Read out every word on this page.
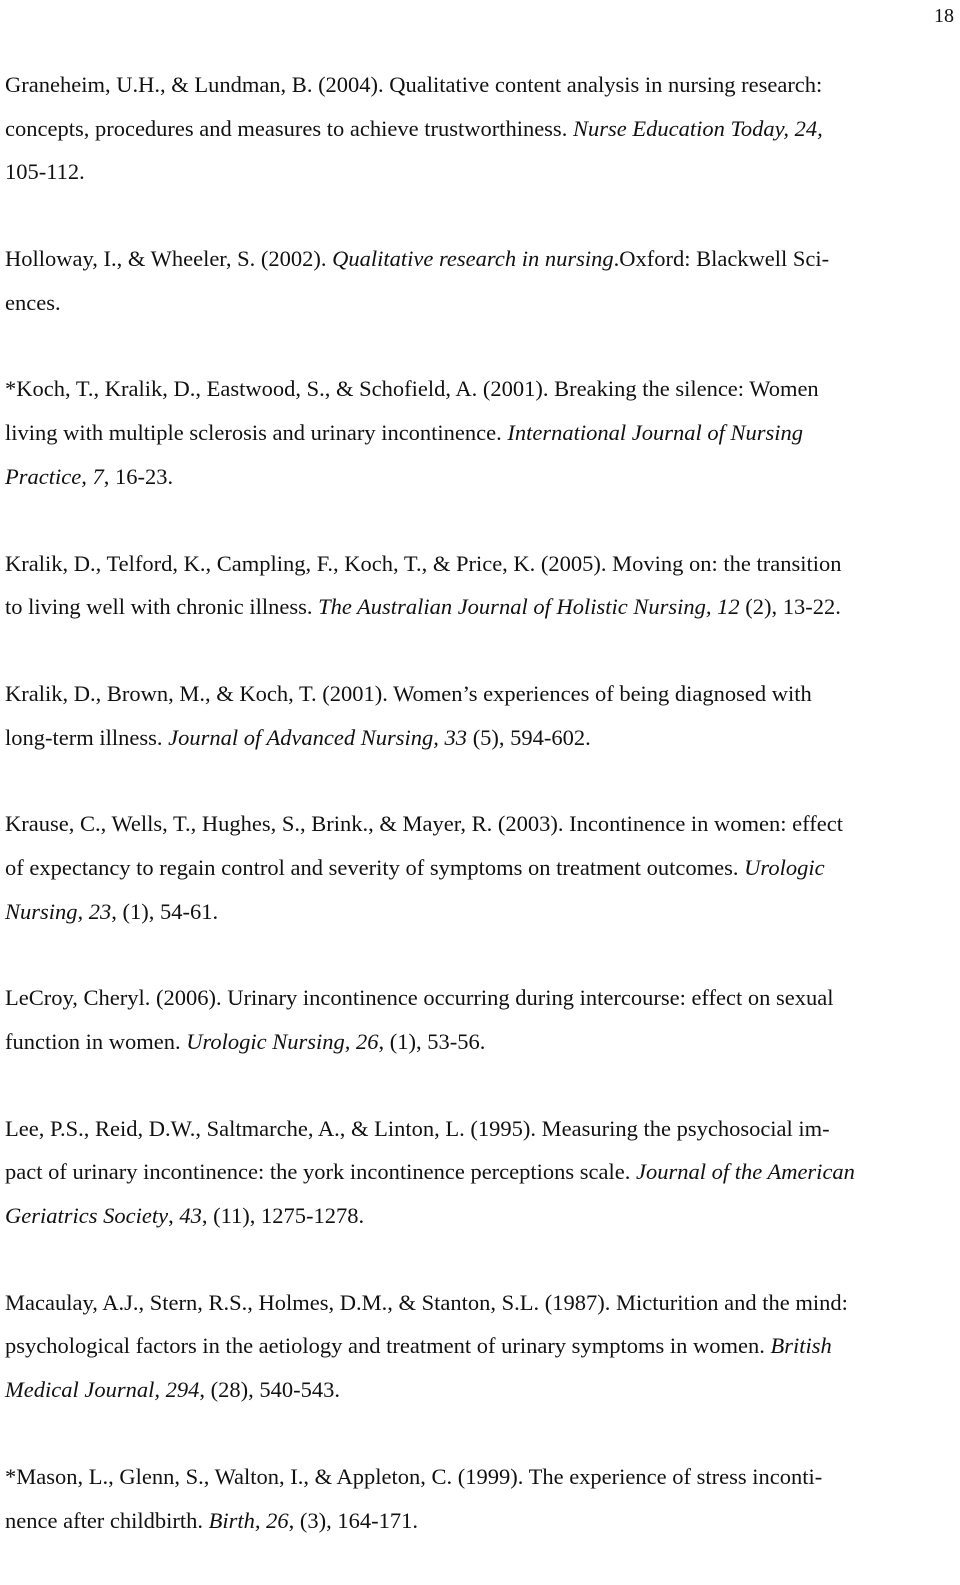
18
Graneheim, U.H., & Lundman, B. (2004). Qualitative content analysis in nursing research:
concepts, procedures and measures to achieve trustworthiness. Nurse Education Today, 24,
105-112.
Holloway, I., & Wheeler, S. (2002). Qualitative research in nursing.Oxford: Blackwell Sci-
ences.
*Koch, T., Kralik, D., Eastwood, S., & Schofield, A. (2001). Breaking the silence: Women
living with multiple sclerosis and urinary incontinence. International Journal of Nursing
Practice, 7, 16-23.
Kralik, D., Telford, K., Campling, F., Koch, T., & Price, K. (2005). Moving on: the transition
to living well with chronic illness. The Australian Journal of Holistic Nursing, 12 (2), 13-22.
Kralik, D., Brown, M., & Koch, T. (2001). Women’s experiences of being diagnosed with
long-term illness. Journal of Advanced Nursing, 33 (5), 594-602.
Krause, C., Wells, T., Hughes, S., Brink., & Mayer, R. (2003). Incontinence in women: effect
of expectancy to regain control and severity of symptoms on treatment outcomes. Urologic
Nursing, 23, (1), 54-61.
LeCroy, Cheryl. (2006). Urinary incontinence occurring during intercourse: effect on sexual
function in women. Urologic Nursing, 26, (1), 53-56.
Lee, P.S., Reid, D.W., Saltmarche, A., & Linton, L. (1995). Measuring the psychosocial im-
pact of urinary incontinence: the york incontinence perceptions scale. Journal of the American
Geriatrics Society, 43, (11), 1275-1278.
Macaulay, A.J., Stern, R.S., Holmes, D.M., & Stanton, S.L. (1987). Micturition and the mind:
psychological factors in the aetiology and treatment of urinary symptoms in women. British
Medical Journal, 294, (28), 540-543.
*Mason, L., Glenn, S., Walton, I., & Appleton, C. (1999). The experience of stress inconti-
nence after childbirth. Birth, 26, (3), 164-171.
